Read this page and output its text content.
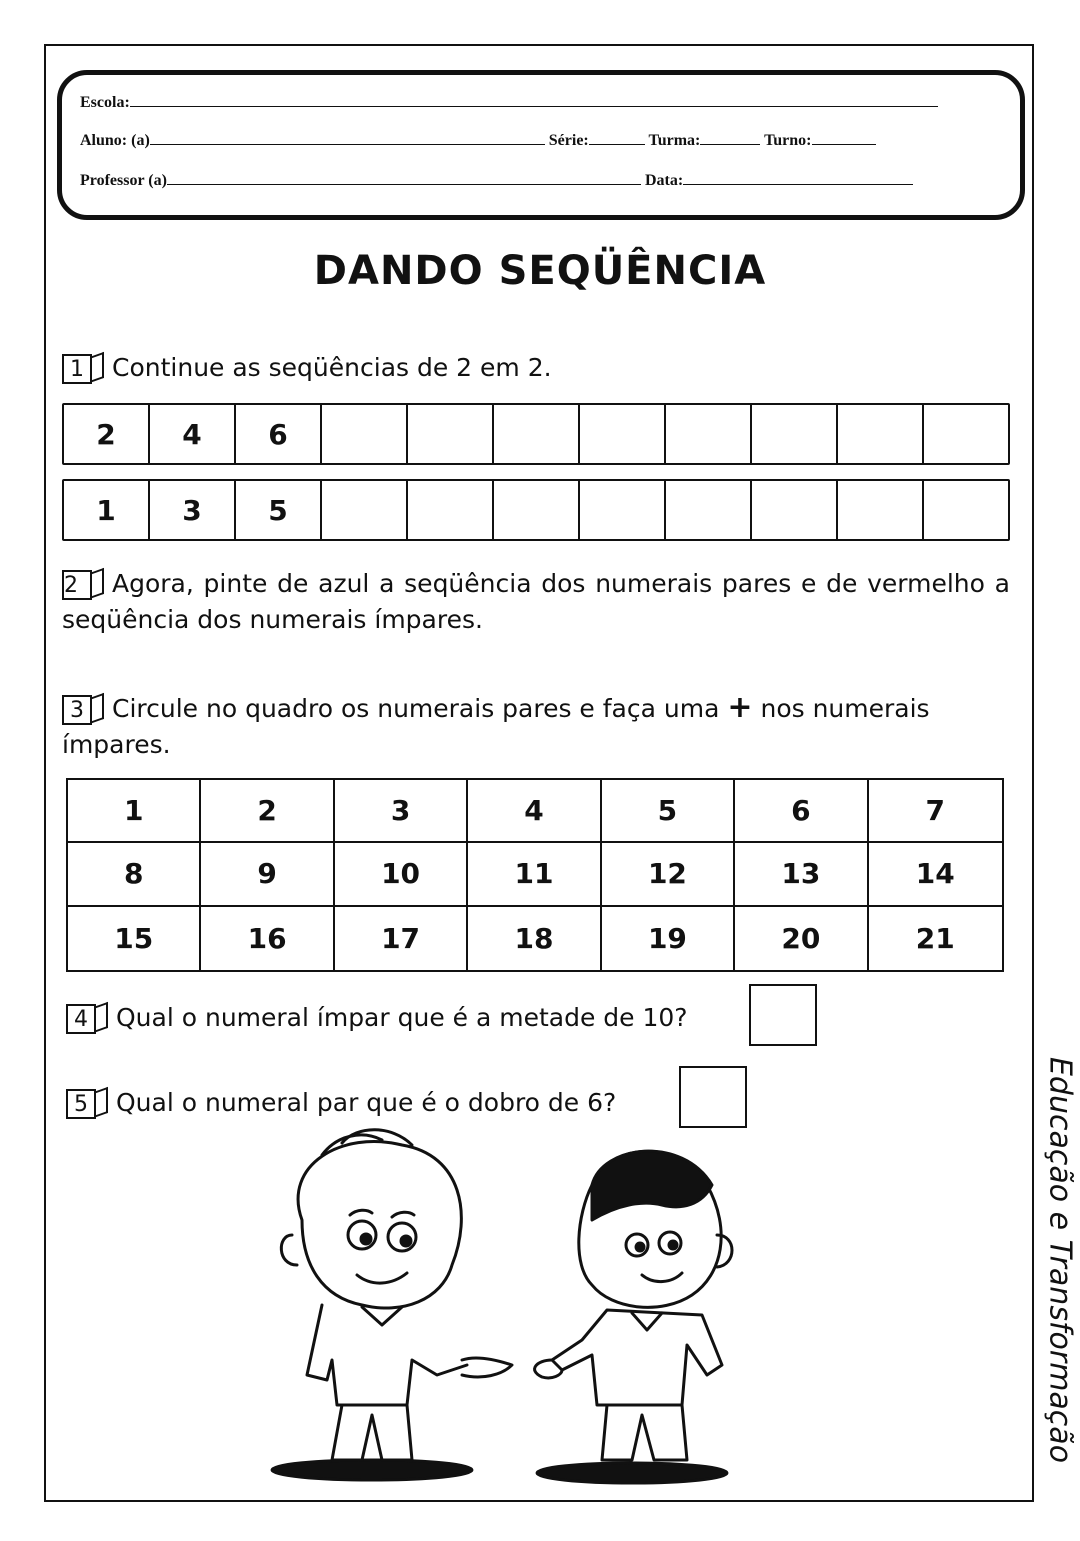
Escola:
Aluno: (a)	Série:	Turma:	Turno:
Professor (a)	Data:
DANDO SEQÜÊNCIA
1 Continue as seqüências de 2 em 2.
2	4	6
1	3	5
2 Agora, pinte de azul a seqüência dos numerais pares e de vermelho a seqüência dos numerais ímpares.
3 Circule no quadro os numerais pares e faça uma + nos numerais ímpares.
1	2	3	4	5	6	7
8	9	10	11	12	13	14
15	16	17	18	19	20	21
4 Qual o numeral ímpar que é a metade de 10?
5 Qual o numeral par que é o dobro de 6?	Educação e Transformação
